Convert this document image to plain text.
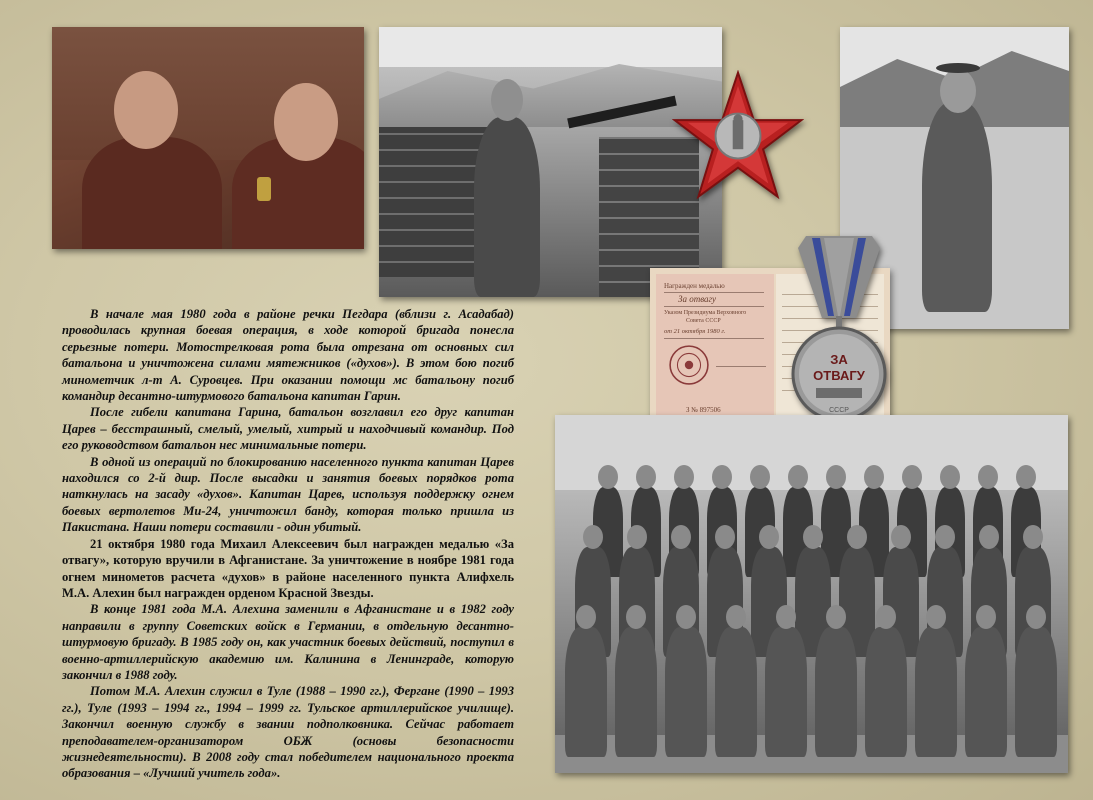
Награжден медалью
За отвагу
Указом Президиума Верховного
Совета СССР
от 21 октября 1980 г.
З № 897506
ЗА
ОТВАГУ
СССР

В начале мая 1980 года в районе речки Пегдара (вблизи г. Асадабад) проводилась крупная боевая операция, в ходе которой бригада понесла серьезные потери. Мотострелковая рота была отрезана от основных сил батальона и уничтожена силами мятежников («духов»). В этом бою погиб минометчик л-т А. Суровцев. При оказании помощи мс батальону погиб командир десантно-штурмового батальона капитан Гарин.

После гибели капитана Гарина, батальон возглавил его друг капитан Царев – бесстрашный, смелый, умелый, хитрый и находчивый командир. Под его руководством батальон нес минимальные потери.

В одной из операций по блокированию населенного пункта капитан Царев находился со 2-й дшр. После высадки и занятия боевых порядков рота наткнулась на засаду «духов». Капитан Царев, используя поддержку огнем боевых вертолетов Ми-24, уничтожил банду, которая только пришла из Пакистана. Наши потери составили - один убитый.

21 октября 1980 года Михаил Алексеевич был награжден медалью «За отвагу», которую вручили в Афганистане. За уничтожение в ноябре 1981 года огнем минометов расчета «духов» в районе населенного пункта Алифхель М.А. Алехин был награжден орденом Красной Звезды.

В конце 1981 года М.А. Алехина заменили в Афганистане и в 1982 году направили в группу Советских войск в Германии, в отдельную десантно-штурмовую бригаду. В 1985 году он, как участник боевых действий, поступил в военно-артиллерийскую академию им. Калинина в Ленинграде, которую закончил в 1988 году.

Потом М.А. Алехин служил в Туле (1988 – 1990 гг.), Фергане (1990 – 1993 гг.), Туле (1993 – 1994 гг., 1994 – 1999 гг. Тульское артиллерийское училище). Закончил военную службу в звании подполковника. Сейчас работает преподавателем-организатором ОБЖ (основы безопасности жизнедеятельности). В 2008 году стал победителем национального проекта образования – «Лучший учитель года».
